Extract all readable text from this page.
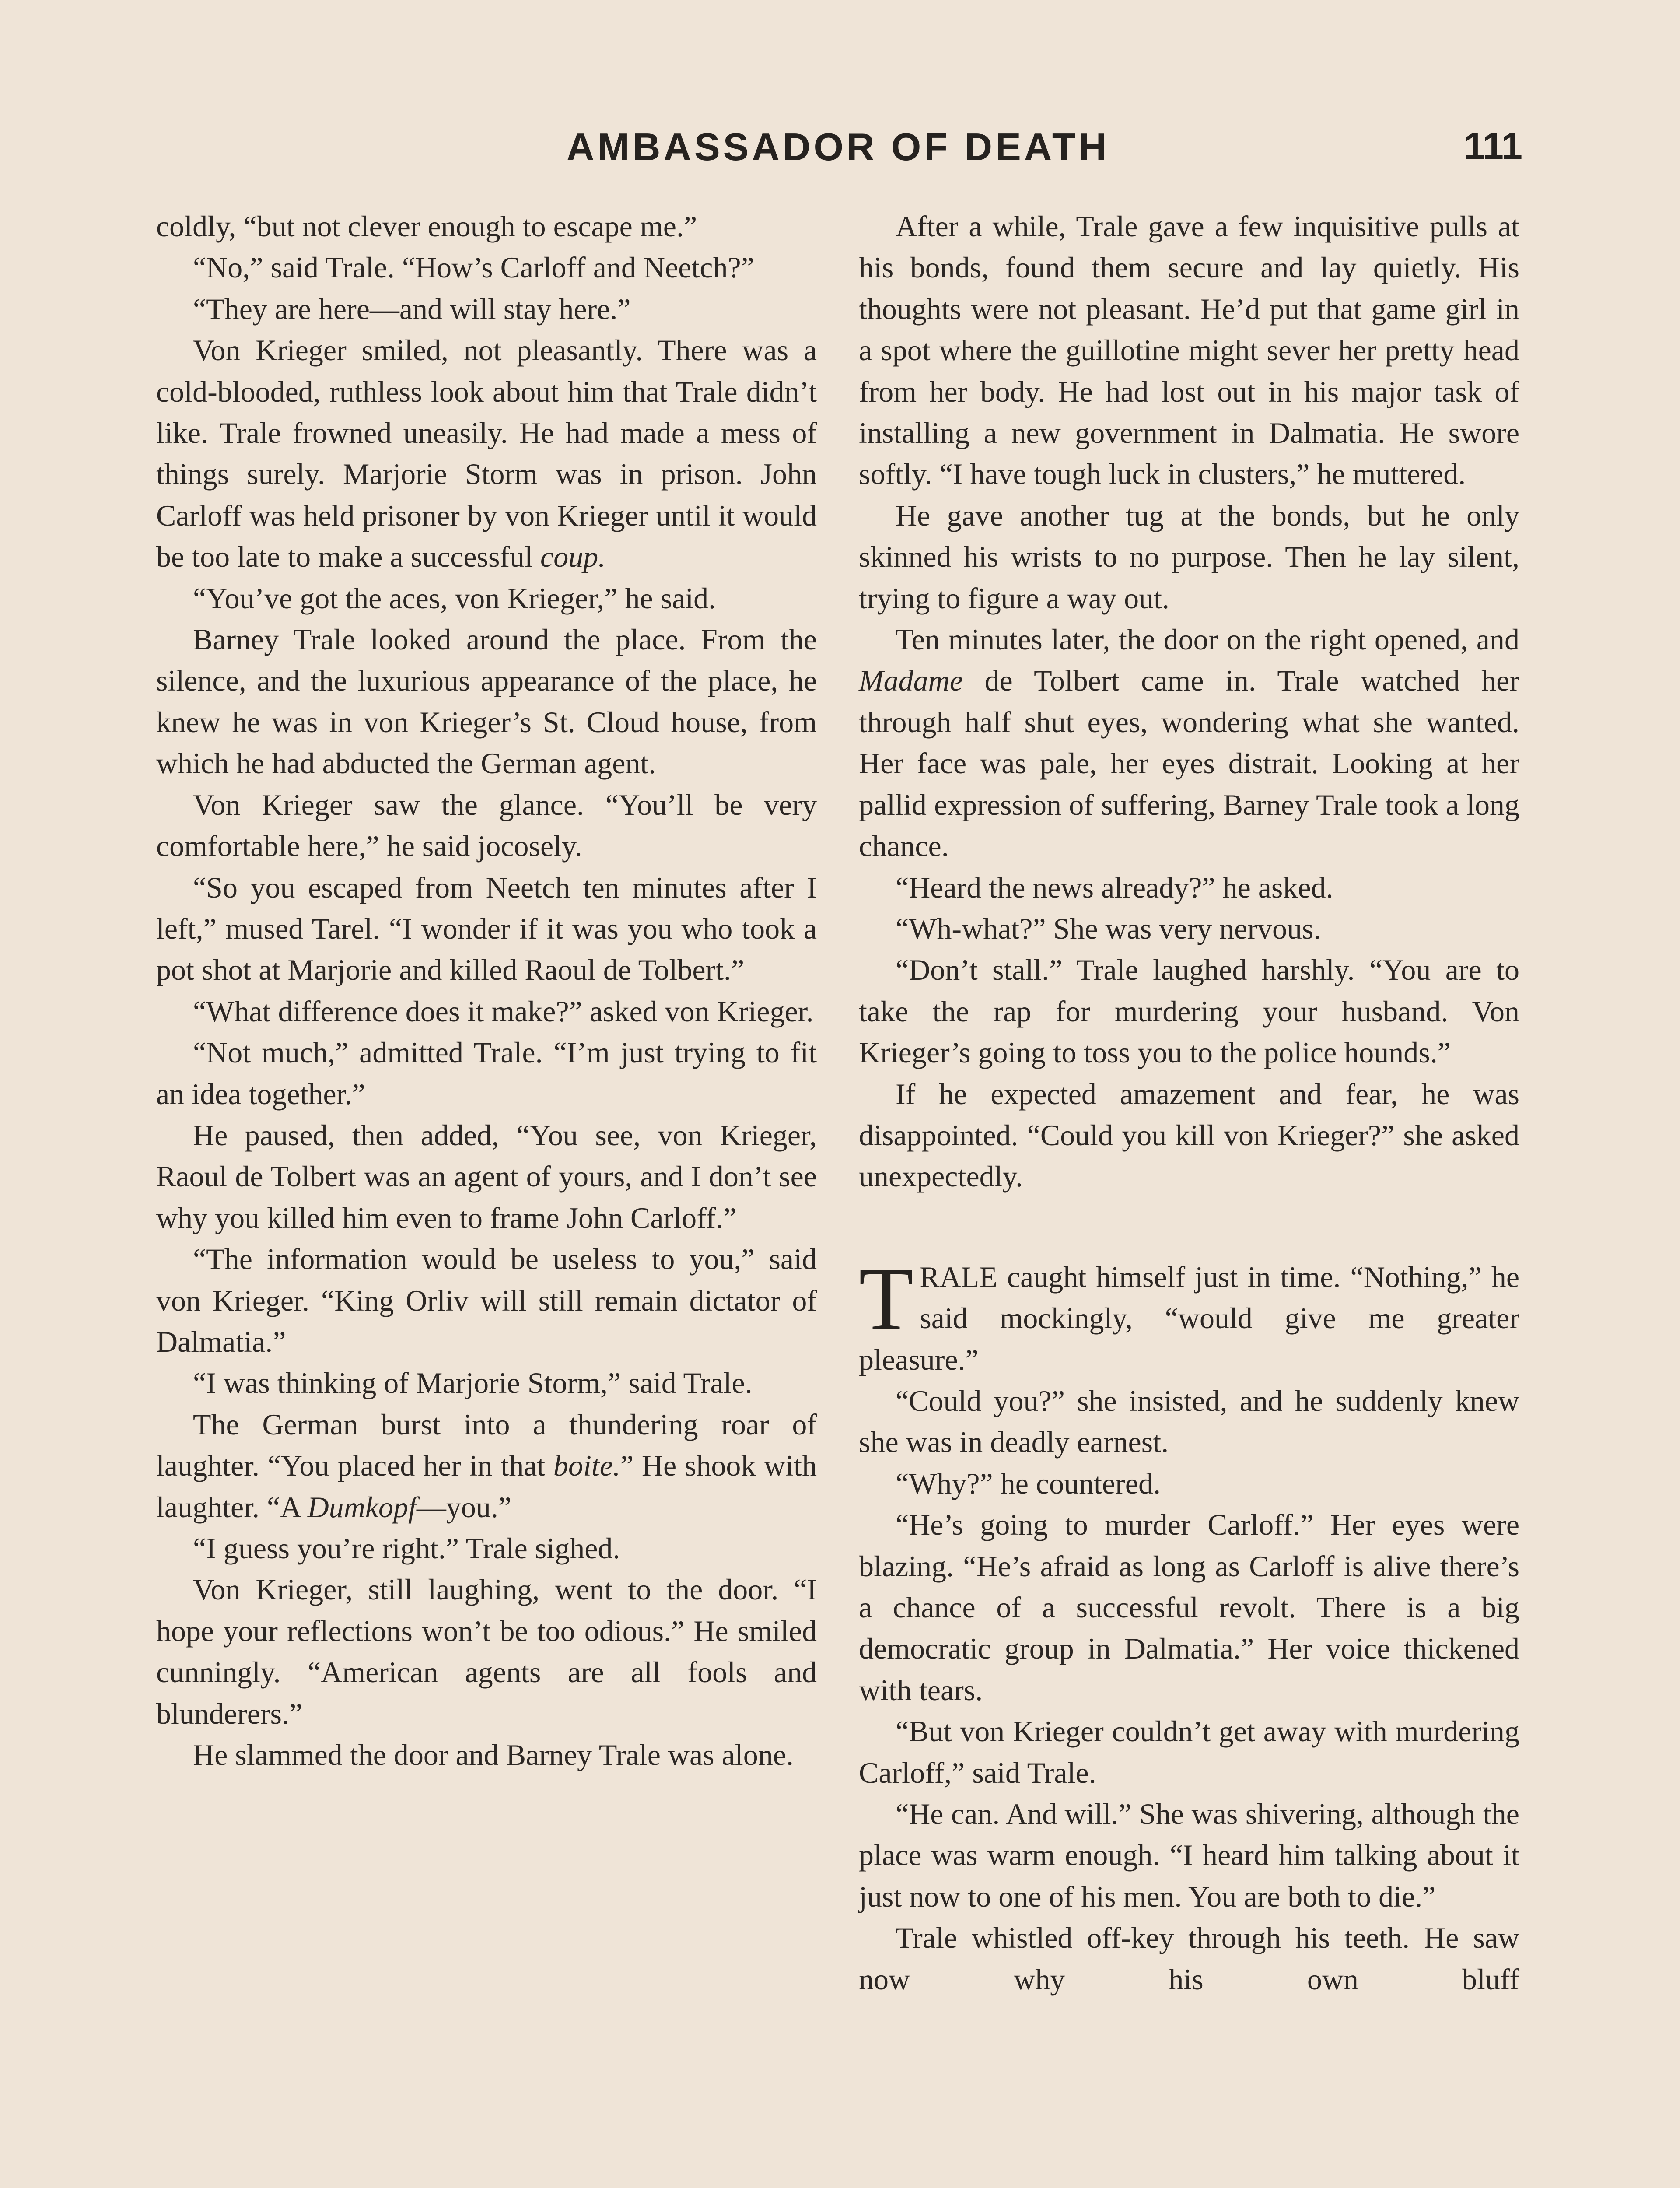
AMBASSADOR OF DEATH	111

coldly, “but not clever enough to escape me.”

“No,” said Trale. “How’s Carloff and Neetch?”

“They are here—and will stay here.”

Von Krieger smiled, not pleasantly. There was a cold-blooded, ruthless look about him that Trale didn’t like. Trale frowned uneasily. He had made a mess of things surely. Marjorie Storm was in prison. John Carloff was held prisoner by von Krieger until it would be too late to make a successful coup.

“You’ve got the aces, von Krieger,” he said.

Barney Trale looked around the place. From the silence, and the luxurious appearance of the place, he knew he was in von Krieger’s St. Cloud house, from which he had abducted the German agent.

Von Krieger saw the glance. “You’ll be very comfortable here,” he said jocosely.

“So you escaped from Neetch ten minutes after I left,” mused Tarel. “I wonder if it was you who took a pot shot at Marjorie and killed Raoul de Tolbert.”

“What difference does it make?” asked von Krieger.

“Not much,” admitted Trale. “I’m just trying to fit an idea together.”

He paused, then added, “You see, von Krieger, Raoul de Tolbert was an agent of yours, and I don’t see why you killed him even to frame John Carloff.”

“The information would be useless to you,” said von Krieger. “King Orliv will still remain dictator of Dalmatia.”

“I was thinking of Marjorie Storm,” said Trale.

The German burst into a thundering roar of laughter. “You placed her in that boite.” He shook with laughter. “A Dumkopf—you.”

“I guess you’re right.” Trale sighed.

Von Krieger, still laughing, went to the door. “I hope your reflections won’t be too odious.” He smiled cunningly. “American agents are all fools and blunderers.”

He slammed the door and Barney Trale was alone.

After a while, Trale gave a few inquisitive pulls at his bonds, found them secure and lay quietly. His thoughts were not pleasant. He’d put that game girl in a spot where the guillotine might sever her pretty head from her body. He had lost out in his major task of installing a new government in Dalmatia. He swore softly. “I have tough luck in clusters,” he muttered.

He gave another tug at the bonds, but he only skinned his wrists to no purpose. Then he lay silent, trying to figure a way out.

Ten minutes later, the door on the right opened, and Madame de Tolbert came in. Trale watched her through half shut eyes, wondering what she wanted. Her face was pale, her eyes distrait. Looking at her pallid expression of suffering, Barney Trale took a long chance.

“Heard the news already?” he asked.

“Wh-what?” She was very nervous.

“Don’t stall.” Trale laughed harshly. “You are to take the rap for murdering your husband. Von Krieger’s going to toss you to the police hounds.”

If he expected amazement and fear, he was disappointed. “Could you kill von Krieger?” she asked unexpectedly.

TRALE caught himself just in time. “Nothing,” he said mockingly, “would give me greater pleasure.”

“Could you?” she insisted, and he suddenly knew she was in deadly earnest.

“Why?” he countered.

“He’s going to murder Carloff.” Her eyes were blazing. “He’s afraid as long as Carloff is alive there’s a chance of a successful revolt. There is a big democratic group in Dalmatia.” Her voice thickened with tears.

“But von Krieger couldn’t get away with murdering Carloff,” said Trale.

“He can. And will.” She was shivering, although the place was warm enough. “I heard him talking about it just now to one of his men. You are both to die.”

Trale whistled off-key through his teeth. He saw now why his own bluff
